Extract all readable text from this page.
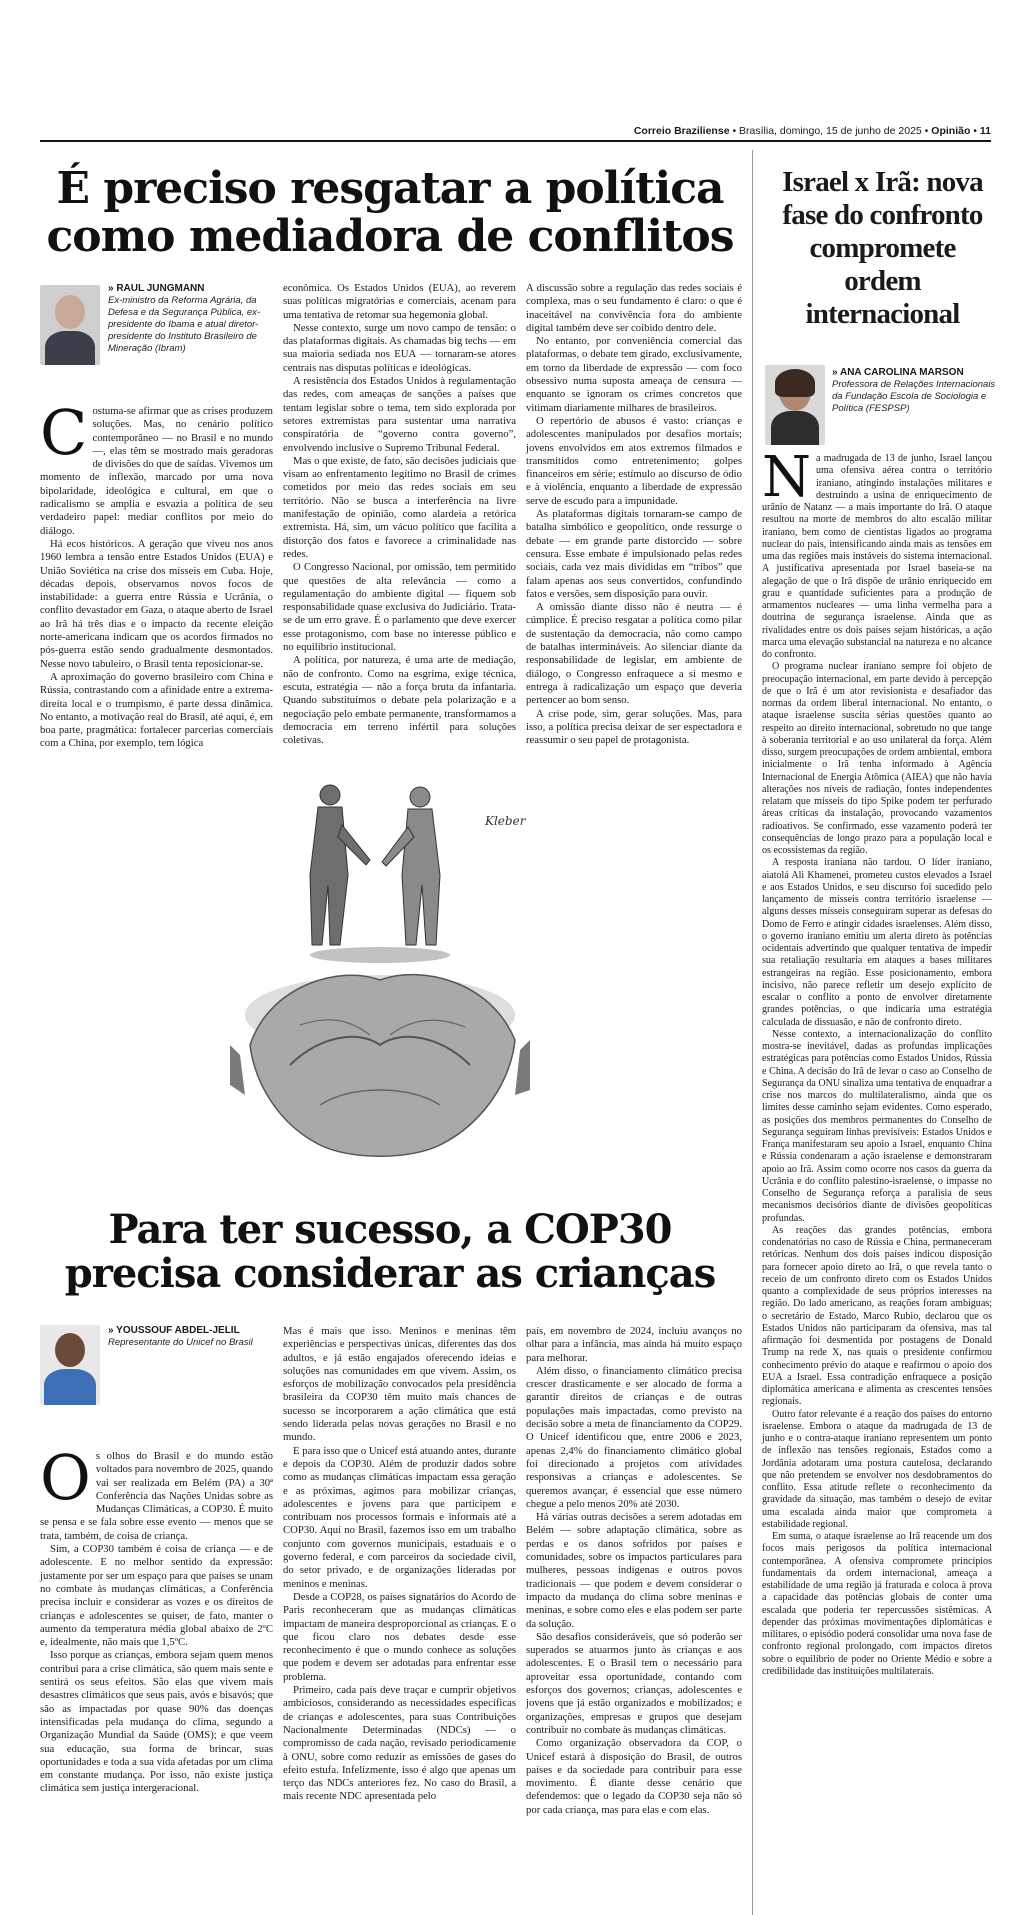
Correio Braziliense • Brasília, domingo, 15 de junho de 2025 • Opinião • 11
É preciso resgatar a política como mediadora de conflitos
» RAUL JUNGMANN
Ex-ministro da Reforma Agrária, da Defesa e da Segurança Pública, ex-presidente do Ibama e atual diretor-presidente do Instituto Brasileiro de Mineração (Ibram)
C ostuma-se afirmar que as crises produzem soluções. Mas, no cenário político contemporâneo — no Brasil e no mundo —, elas têm se mostrado mais geradoras de divisões do que de saídas. Vivemos um momento de inflexão, marcado por uma nova bipolaridade, ideológica e cultural, em que o radicalismo se amplia e esvazia a política de seu verdadeiro papel: mediar conflitos por meio do diálogo.

Há ecos históricos. A geração que viveu nos anos 1960 lembra a tensão entre Estados Unidos (EUA) e União Soviética na crise dos mísseis em Cuba. Hoje, décadas depois, observamos novos focos de instabilidade: a guerra entre Rússia e Ucrânia, o conflito devastador em Gaza, o ataque aberto de Israel ao Irã há três dias e o impacto da recente eleição norte-americana indicam que os acordos firmados no pós-guerra estão sendo gradualmente desmontados. Nesse novo tabuleiro, o Brasil tenta reposicionar-se.

A aproximação do governo brasileiro com China e Rússia, contrastando com a afinidade entre a extrema-direita local e o trumpismo, é parte dessa dinâmica. No entanto, a motivação real do Brasil, até aqui, é, em boa parte, pragmática: fortalecer parcerias comerciais com a China, por exemplo, tem lógica

econômica. Os Estados Unidos (EUA), ao reverem suas políticas migratórias e comerciais, acenam para uma tentativa de retomar sua hegemonia global.

Nesse contexto, surge um novo campo de tensão: o das plataformas digitais. As chamadas big techs — em sua maioria sediada nos EUA — tornaram-se atores centrais nas disputas políticas e ideológicas.

A resistência dos Estados Unidos à regulamentação das redes, com ameaças de sanções a países que tentam legislar sobre o tema, tem sido explorada por setores extremistas para sustentar uma narrativa conspiratória de “governo contra governo”, envolvendo inclusive o Supremo Tribunal Federal.

Mas o que existe, de fato, são decisões judiciais que visam ao enfrentamento legítimo no Brasil de crimes cometidos por meio das redes sociais em seu território. Não se busca a interferência na livre manifestação de opinião, como alardeia a retórica extremista. Há, sim, um vácuo político que facilita a distorção dos fatos e favorece a criminalidade nas redes.

O Congresso Nacional, por omissão, tem permitido que questões de alta relevância — como a regulamentação do ambiente digital — fiquem sob responsabilidade quase exclusiva do Judiciário. Trata-se de um erro grave. É o parlamento que deve exercer esse protagonismo, com base no interesse público e no equilíbrio institucional.

A política, por natureza, é uma arte de mediação, não de confronto. Como na esgrima, exige técnica, escuta, estratégia — não a força bruta da infantaria. Quando substituímos o debate pela polarização e a negociação pelo embate permanente, transformamos a democracia em terreno infértil para soluções coletivas.

A discussão sobre a regulação das redes sociais é complexa, mas o seu fundamento é claro: o que é inaceitável na convivência fora do ambiente digital também deve ser coibido dentro dele.

No entanto, por conveniência comercial das plataformas, o debate tem girado, exclusivamente, em torno da liberdade de expressão — com foco obsessivo numa suposta ameaça de censura — enquanto se ignoram os crimes concretos que vitimam diariamente milhares de brasileiros.

O repertório de abusos é vasto: crianças e adolescentes manipulados por desafios mortais; jovens envolvidos em atos extremos filmados e transmitidos como entretenimento; golpes financeiros em série; estímulo ao discurso de ódio e à violência, enquanto a liberdade de expressão serve de escudo para a impunidade.

As plataformas digitais tornaram-se campo de batalha simbólico e geopolítico, onde ressurge o debate — em grande parte distorcido — sobre censura. Esse embate é impulsionado pelas redes sociais, cada vez mais divididas em “tribos” que falam apenas aos seus convertidos, confundindo fatos e versões, sem disposição para ouvir.

A omissão diante disso não é neutra — é cúmplice. É preciso resgatar a política como pilar de sustentação da democracia, não como campo de batalhas intermináveis. Ao silenciar diante da responsabilidade de legislar, em ambiente de diálogo, o Congresso enfraquece a si mesmo e entrega à radicalização um espaço que deveria pertencer ao bom senso.

A crise pode, sim, gerar soluções. Mas, para isso, a política precisa deixar de ser espectadora e reassumir o seu papel de protagonista.

Kleber
Para ter sucesso, a COP30 precisa considerar as crianças
» YOUSSOUF ABDEL-JELIL
Representante do Unicef no Brasil
O s olhos do Brasil e do mundo estão voltados para novembro de 2025, quando vai ser realizada em Belém (PA) a 30ª Conferência das Nações Unidas sobre as Mudanças Climáticas, a COP30. É muito se pensa e se fala sobre esse evento — menos que se trata, também, de coisa de criança.

Sim, a COP30 também é coisa de criança — e de adolescente. E no melhor sentido da expressão: justamente por ser um espaço para que países se unam no combate às mudanças climáticas, a Conferência precisa incluir e considerar as vozes e os direitos de crianças e adolescentes se quiser, de fato, manter o aumento da temperatura média global abaixo de 2ºC e, idealmente, não mais que 1,5ºC.

Isso porque as crianças, embora sejam quem menos contribui para a crise climática, são quem mais sente e sentirá os seus efeitos. São elas que vivem mais desastres climáticos que seus pais, avós e bisavós; que são as impactadas por quase 90% das doenças intensificadas pela mudança do clima, segundo a Organização Mundial da Saúde (OMS); e que veem sua educação, sua forma de brincar, suas oportunidades e toda a sua vida afetadas por um clima em constante mudança. Por isso, não existe justiça climática sem justiça intergeracional.

Mas é mais que isso. Meninos e meninas têm experiências e perspectivas únicas, diferentes das dos adultos, e já estão engajados oferecendo ideias e soluções nas comunidades em que vivem. Assim, os esforços de mobilização convocados pela presidência brasileira da COP30 têm muito mais chances de sucesso se incorporarem a ação climática que está sendo liderada pelas novas gerações no Brasil e no mundo.

E para isso que o Unicef está atuando antes, durante e depois da COP30. Além de produzir dados sobre como as mudanças climáticas impactam essa geração e as próximas, agimos para mobilizar crianças, adolescentes e jovens para que participem e contribuam nos processos formais e informais até a COP30. Aqui no Brasil, fazemos isso em um trabalho conjunto com governos municipais, estaduais e o governo federal, e com parceiros da sociedade civil, do setor privado, e de organizações lideradas por meninos e meninas.

Desde a COP28, os países signatários do Acordo de Paris reconheceram que as mudanças climáticas impactam de maneira desproporcional as crianças. E o que ficou claro nos debates desde esse reconhecimento é que o mundo conhece as soluções que podem e devem ser adotadas para enfrentar esse problema.

Primeiro, cada país deve traçar e cumprir objetivos ambiciosos, considerando as necessidades específicas de crianças e adolescentes, para suas Contribuições Nacionalmente Determinadas (NDCs) — o compromisso de cada nação, revisado periodicamente à ONU, sobre como reduzir as emissões de gases do efeito estufa. Infelizmente, isso é algo que apenas um terço das NDCs anteriores fez. No caso do Brasil, a mais recente NDC apresentada pelo

país, em novembro de 2024, incluiu avanços no olhar para a infância, mas ainda há muito espaço para melhorar.

Além disso, o financiamento climático precisa crescer drasticamente e ser alocado de forma a garantir direitos de crianças e de outras populações mais impactadas, como previsto na decisão sobre a meta de financiamento da COP29. O Unicef identificou que, entre 2006 e 2023, apenas 2,4% do financiamento climático global foi direcionado a projetos com atividades responsivas a crianças e adolescentes. Se queremos avançar, é essencial que esse número chegue a pelo menos 20% até 2030.

Há várias outras decisões a serem adotadas em Belém — sobre adaptação climática, sobre as perdas e os danos sofridos por países e comunidades, sobre os impactos particulares para mulheres, pessoas indígenas e outros povos tradicionais — que podem e devem considerar o impacto da mudança do clima sobre meninas e meninas, e sobre como eles e elas podem ser parte da solução.

São desafios consideráveis, que só poderão ser superados se atuarmos junto às crianças e aos adolescentes. E o Brasil tem o necessário para aproveitar essa oportunidade, contando com esforços dos governos; crianças, adolescentes e jovens que já estão organizados e mobilizados; e organizações, empresas e grupos que desejam contribuir no combate às mudanças climáticas.

Como organização observadora da COP, o Unicef estará à disposição do Brasil, de outros países e da sociedade para contribuir para esse movimento. É diante desse cenário que defendemos: que o legado da COP30 seja não só por cada criança, mas para elas e com elas.

Israel x Irã: nova fase do confronto compromete ordem internacional
» ANA CAROLINA MARSON
Professora de Relações Internacionais da Fundação Escola de Sociologia e Política (FESPSP)
N a madrugada de 13 de junho, Israel lançou uma ofensiva aérea contra o território iraniano, atingindo instalações militares e destruindo a usina de enriquecimento de urânio de Natanz — a mais importante do Irã. O ataque resultou na morte de membros do alto escalão militar iraniano, bem como de cientistas ligados ao programa nuclear do país, intensificando ainda mais as tensões em uma das regiões mais instáveis do sistema internacional. A justificativa apresentada por Israel baseia-se na alegação de que o Irã dispõe de urânio enriquecido em grau e quantidade suficientes para a produção de armamentos nucleares — uma linha vermelha para a doutrina de segurança israelense. Ainda que as rivalidades entre os dois países sejam históricas, a ação marca uma elevação substancial na natureza e no alcance do confronto.

O programa nuclear iraniano sempre foi objeto de preocupação internacional, em parte devido à percepção de que o Irã é um ator revisionista e desafiador das normas da ordem liberal internacional. No entanto, o ataque israelense suscita sérias questões quanto ao respeito ao direito internacional, sobretudo no que tange à soberania territorial e ao uso unilateral da força. Além disso, surgem preocupações de ordem ambiental, embora inicialmente o Irã tenha informado à Agência Internacional de Energia Atômica (AIEA) que não havia alterações nos níveis de radiação, fontes independentes relatam que mísseis do tipo Spike podem ter perfurado áreas críticas da instalação, provocando vazamentos radioativos. Se confirmado, esse vazamento poderá ter consequências de longo prazo para a população local e os ecossistemas da região.

A resposta iraniana não tardou. O líder iraniano, aiatolá Ali Khamenei, prometeu custos elevados a Israel e aos Estados Unidos, e seu discurso foi sucedido pelo lançamento de mísseis contra território israelense — alguns desses mísseis conseguiram superar as defesas do Domo de Ferro e atingir cidades israelenses. Além disso, o governo iraniano emitiu um alerta direto às potências ocidentais advertindo que qualquer tentativa de impedir sua retaliação resultaria em ataques a bases militares estrangeiras na região. Esse posicionamento, embora incisivo, não parece refletir um desejo explícito de escalar o conflito a ponto de envolver diretamente grandes potências, o que indicaria uma estratégia calculada de dissuasão, e não de confronto direto.

Nesse contexto, a internacionalização do conflito mostra-se inevitável, dadas as profundas implicações estratégicas para potências como Estados Unidos, Rússia e China. A decisão do Irã de levar o caso ao Conselho de Segurança da ONU sinaliza uma tentativa de enquadrar a crise nos marcos do multilateralismo, ainda que os limites desse caminho sejam evidentes. Como esperado, as posições dos membros permanentes do Conselho de Segurança seguiram linhas previsíveis: Estados Unidos e França manifestaram seu apoio a Israel, enquanto China e Rússia condenaram a ação israelense e demonstraram apoio ao Irã. Assim como ocorre nos casos da guerra da Ucrânia e do conflito palestino-israelense, o impasse no Conselho de Segurança reforça a paralisia de seus mecanismos decisórios diante de divisões geopolíticas profundas.

As reações das grandes potências, embora condenatórias no caso de Rússia e China, permaneceram retóricas. Nenhum dos dois países indicou disposição para fornecer apoio direto ao Irã, o que revela tanto o receio de um confronto direto com os Estados Unidos quanto a complexidade de seus próprios interesses na região. Do lado americano, as reações foram ambíguas; o secretário de Estado, Marco Rubio, declarou que os Estados Unidos não participaram da ofensiva, mas tal afirmação foi desmentida por postagens de Donald Trump na rede X, nas quais o presidente confirmou conhecimento prévio do ataque e reafirmou o apoio dos EUA a Israel. Essa contradição enfraquece a posição diplomática americana e alimenta as crescentes tensões regionais.

Outro fator relevante é a reação dos países do entorno israelense. Embora o ataque da madrugada de 13 de junho e o contra-ataque iraniano representem um ponto de inflexão nas tensões regionais, Estados como a Jordânia adotaram uma postura cautelosa, declarando que não pretendem se envolver nos desdobramentos do conflito. Essa atitude reflete o reconhecimento da gravidade da situação, mas também o desejo de evitar uma escalada ainda maior que comprometa a estabilidade regional.

Em suma, o ataque israelense ao Irã reacende um dos focos mais perigosos da política internacional contemporânea. A ofensiva compromete princípios fundamentais da ordem internacional, ameaça a estabilidade de uma região já fraturada e coloca à prova a capacidade das potências globais de conter uma escalada que poderia ter repercussões sistêmicas. A depender das próximas movimentações diplomáticas e militares, o episódio poderá consolidar uma nova fase de confronto regional prolongado, com impactos diretos sobre o equilíbrio de poder no Oriente Médio e sobre a credibilidade das instituições multilaterais.
